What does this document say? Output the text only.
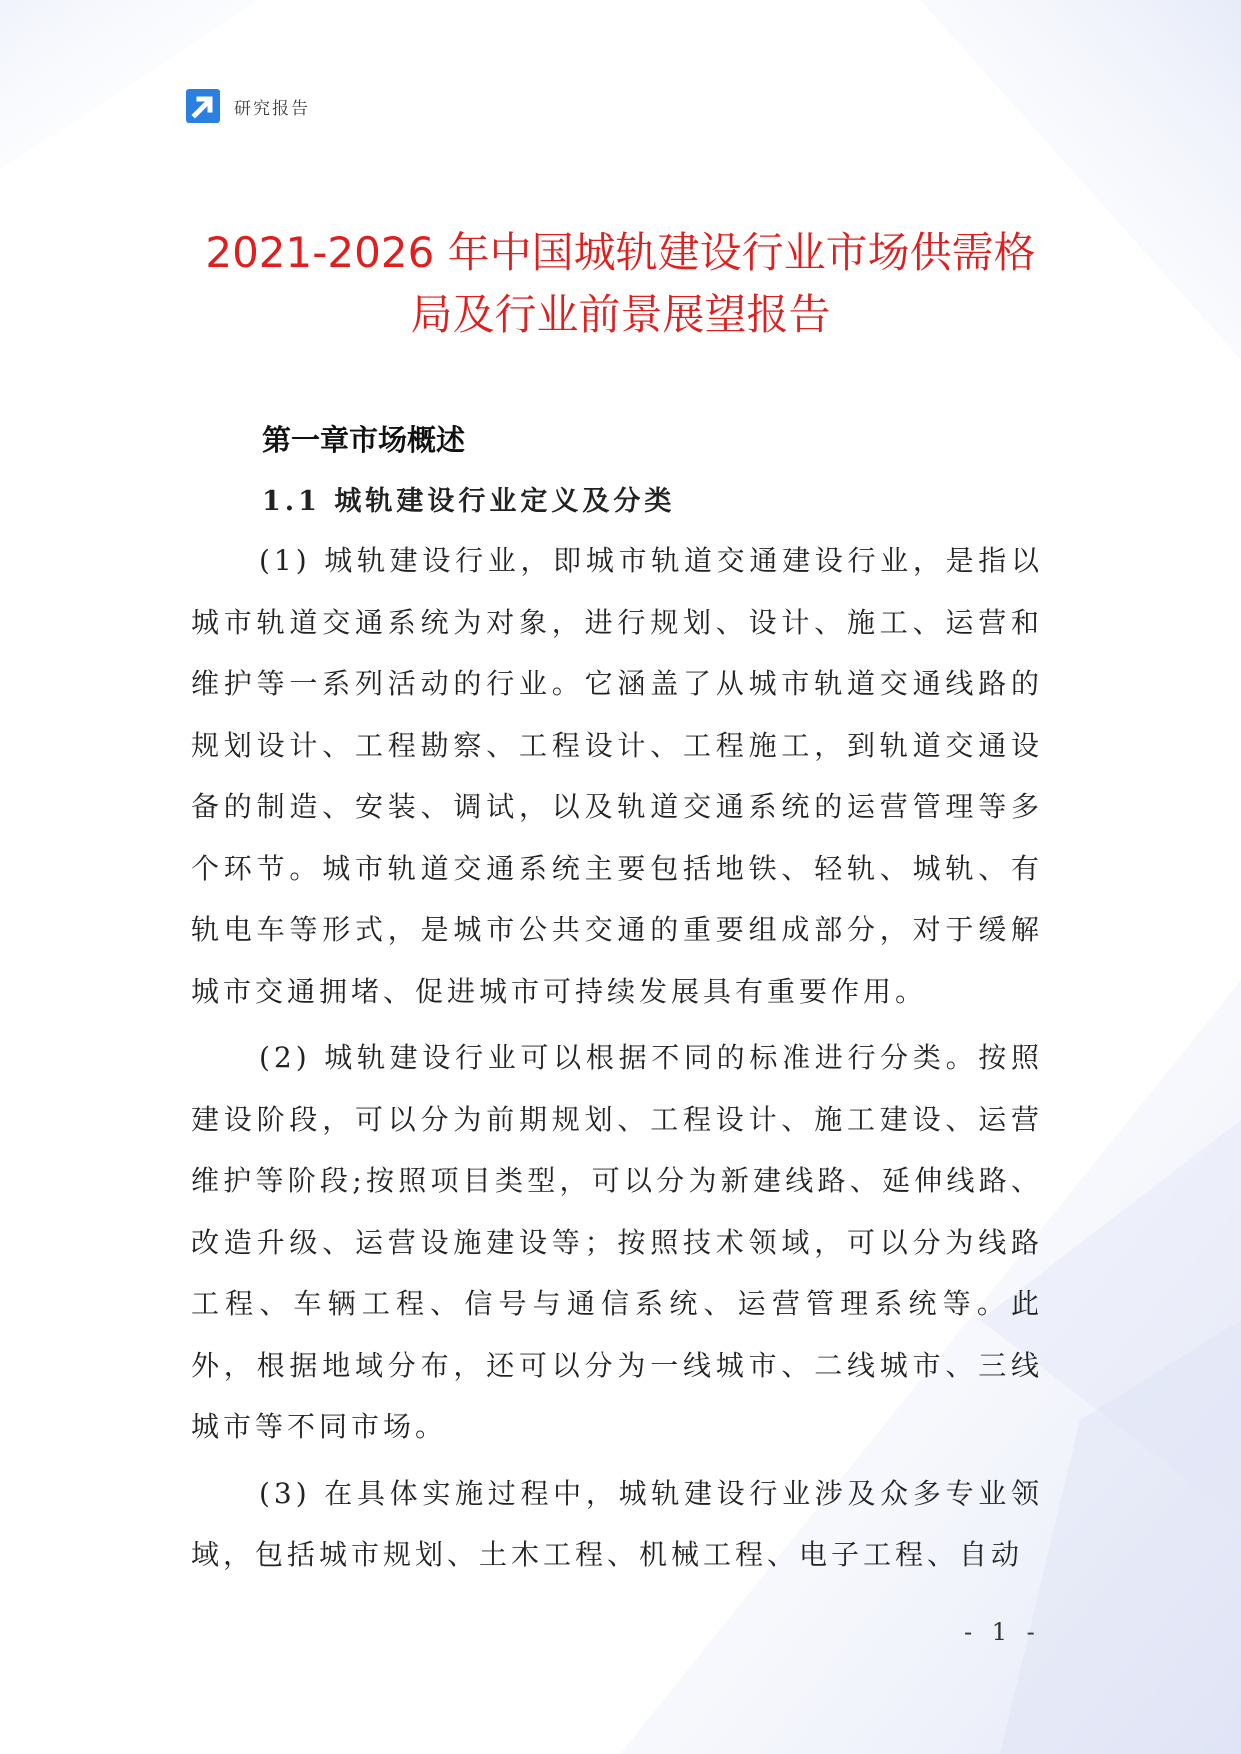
研究报告
2021-2026 年中国城轨建设行业市场供需格
局及行业前景展望报告
第一章市场概述
1.1 城轨建设行业定义及分类

(1) 城轨建设行业，即城市轨道交通建设行业，是指以城市轨道交通系统为对象，进行规划、设计、施工、运营和维护等一系列活动的行业。它涵盖了从城市轨道交通线路的规划设计、工程勘察、工程设计、工程施工，到轨道交通设备的制造、安装、调试，以及轨道交通系统的运营管理等多个环节。城市轨道交通系统主要包括地铁、轻轨、城轨、有轨电车等形式，是城市公共交通的重要组成部分，对于缓解城市交通拥堵、促进城市可持续发展具有重要作用。

(2) 城轨建设行业可以根据不同的标准进行分类。按照建设阶段，可以分为前期规划、工程设计、施工建设、运营维护等阶段;按照项目类型，可以分为新建线路、延伸线路、改造升级、运营设施建设等；按照技术领域，可以分为线路工程、车辆工程、信号与通信系统、运营管理系统等。此外，根据地域分布，还可以分为一线城市、二线城市、三线城市等不同市场。

(3) 在具体实施过程中，城轨建设行业涉及众多专业领域，包括城市规划、土木工程、机械工程、电子工程、自动

- 1 -
